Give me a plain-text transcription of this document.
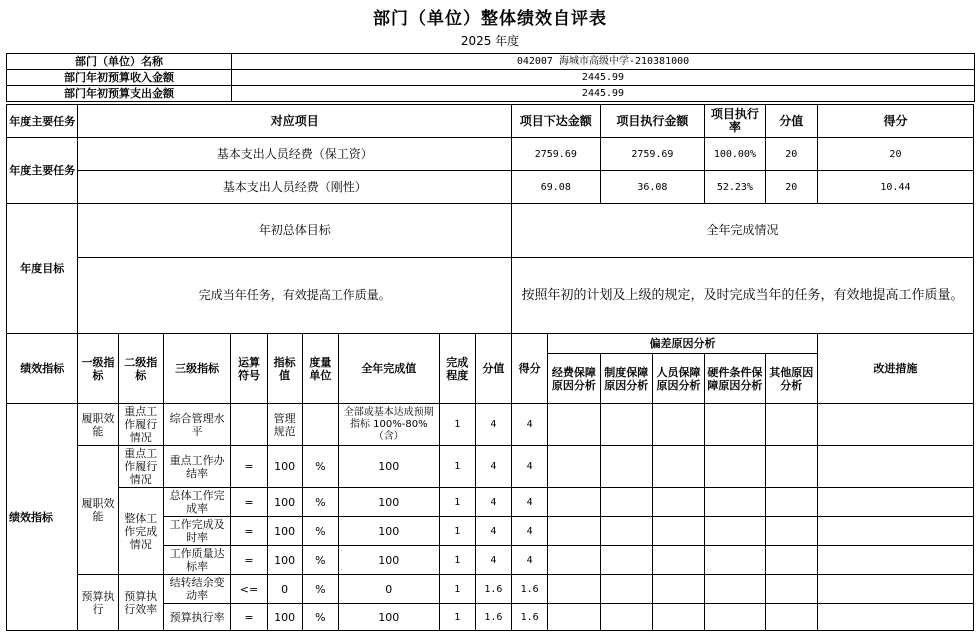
部门（单位）整体绩效自评表
2025 年度
部门（单位）名称	042007 海城市高级中学-210381000
部门年初预算收入金额	2445.99
部门年初预算支出金额	2445.99
年度主要任务	对应项目									项目下达金额		项目执行金额		项目执行率	分值	得分
年度主要任务	基本支出人员经费（保工资）									2759.69		2759.69		100.00%	20	20
	基本支出人员经费（刚性）									69.08		36.08		52.23%	20	10.44
年度目标	年初总体目标									全年完成情况						
	完成当年任务，有效提高工作质量。									按照年初的计划及上级的规定，及时完成当年的任务，有效地提高工作质量。						
绩效指标	一级指标	二级指标	三级指标	运算符号	指标值	度量单位	全年完成值	完成程度	分值	得分	偏差原因分析					改进措施
											经费保障原因分析	制度保障原因分析	人员保障原因分析	硬件条件保障原因分析	其他原因分析	
绩效指标	履职效能	重点工作履行情况	综合管理水平		管理规范		全部或基本达成预期指标 100%-80%（含）	1	4	4						
	履职效能	重点工作履行情况	重点工作办结率	=	100	%	100	1	4	4						
		整体工作完成情况	总体工作完成率	=	100	%	100	1	4	4						
			工作完成及时率	=	100	%	100	1	4	4						
			工作质量达标率	=	100	%	100	1	4	4						
	预算执行	预算执行效率	结转结余变动率	<=	0	%	0	1	1.6	1.6						
			预算执行率	=	100	%	100	1	1.6	1.6						
